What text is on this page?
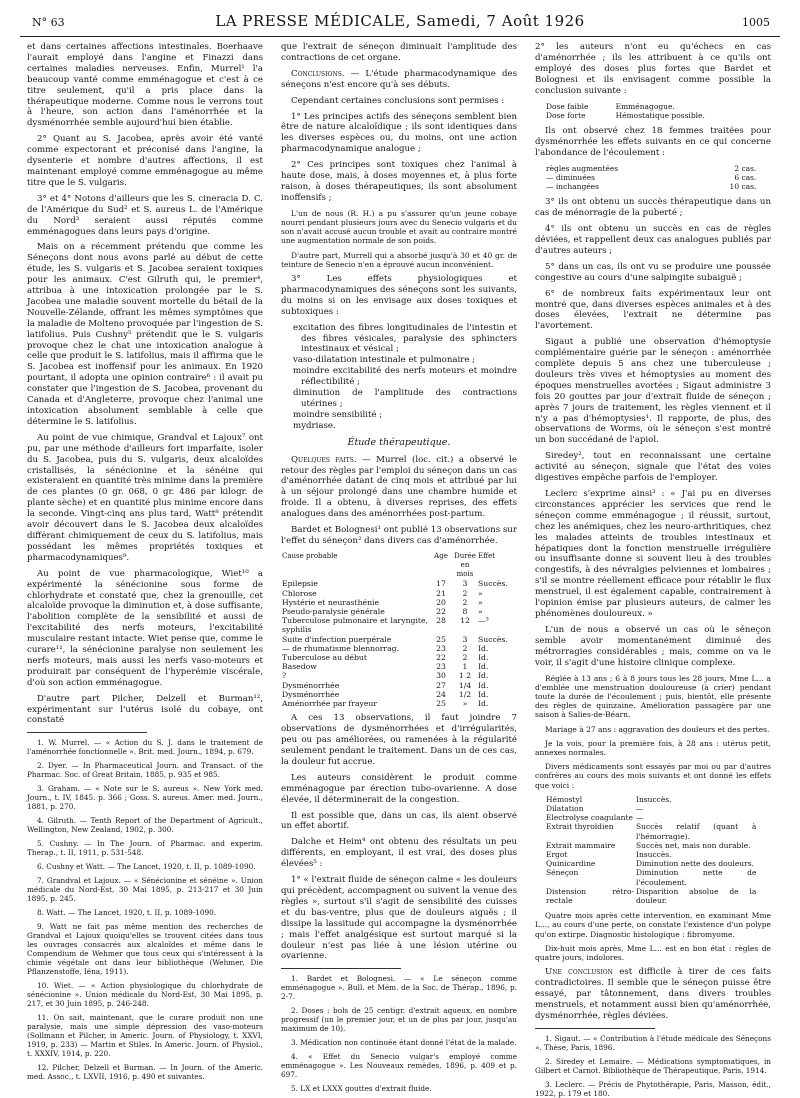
N° 63	LA PRESSE MÉDICALE, Samedi, 7 Août 1926	1005

et dans certaines affections intestinales. Boerhaave l'aurait employé dans l'angine et Finazzi dans certaines maladies nerveuses. Enfin, Murrel¹ l'a beaucoup vanté comme emménagogue et c'est à ce titre seulement, qu'il a pris place dans la thérapeutique moderne. Comme nous le verrons tout à l'heure, son action dans l'aménorrhée et la dysménorrhée semble aujourd'hui bien établie.

2° Quant au S. Jacobea, après avoir été vanté comme expectorant et préconisé dans l'angine, la dysenterie et nombre d'autres affections, il est maintenant employé comme emménagogue au même titre que le S. vulgaris.

3° et 4° Notons d'ailleurs que les S. cineracia D. C. de l'Amérique du Sud² et S. aureus L. de l'Amérique du Nord³ seraient aussi réputés comme emménagogues dans leurs pays d'origine.

Mais on a récemment prétendu que comme les Séneçons dont nous avons parlé au début de cette étude, les S. vulgaris et S. Jacobea seraient toxiques pour les animaux. C'est Gilruth qui, le premier⁴, attribua à une intoxication prolongée par le S. Jacobea une maladie souvent mortelle du bétail de la Nouvelle-Zélande, offrant les mêmes symptômes que la maladie de Molteno provoquée par l'ingestion de S. latifolius. Puis Cushny⁵ prétendit que le S. vulgaris provoque chez le chat une intoxication analogue à celle que produit le S. latifolius, mais il affirma que le S. Jacobea est inoffensif pour les animaux. En 1920 pourtant, il adopta une opinion contraire⁶ : il avait pu constater que l'ingestion de S. Jacobea, provenant du Canada et d'Angleterre, provoque chez l'animal une intoxication absolument semblable à celle que détermine le S. latifolius.

Au point de vue chimique, Grandval et Lajoux⁷ ont pu, par une méthode d'ailleurs fort imparfaite, isoler du S. Jacobea, puis du S. vulgaris, deux alcaloïdes cristallisés, la sénécionine et la sénéine qui existeraient en quantité très minime dans la première de ces plantes (0 gr. 068, 0 gr. 486 par kilogr. de plante sèche) et en quantité plus minime encore dans la seconde. Vingt-cinq ans plus tard, Watt⁸ prétendit avoir découvert dans le S. Jacobea deux alcaloïdes différant chimiquement de ceux du S. latifolius, mais possédant les mêmes propriétés toxiques et pharmacodynamiques⁹.

Au point de vue pharmacologique, Wiet¹⁰ a expérimenté la sénécionine sous forme de chlorhydrate et constaté que, chez la grenouille, cet alcaloïde provoque la diminution et, à dose suffisante, l'abolition complète de la sensibilité et aussi de l'excitabilité des nerfs moteurs, l'excitabilité musculaire restant intacte. Wiet pense que, comme le curare¹¹, la sénécionine paralyse non seulement les nerfs moteurs, mais aussi les nerfs vaso-moteurs et produirait par conséquent de l'hyperémie viscérale, d'où son action emménagogue.

D'autre part Pilcher, Delzell et Burman¹², expérimentant sur l'utérus isolé du cobaye, ont constaté

1. W. Murrel. — « Action du S. J. dans le traitement de l'aménorrhée fonctionnelle ». Brit. med. Journ., 1894, p. 679.

2. Dyer. — In Pharmaceutical Journ. and Transact. of the Pharmac. Soc. of Great Britain, 1885, p. 935 et 985.

3. Graham. — « Note sur le S. aureus ». New York med. Journ., t. IV, 1845. p. 366 ; Goss. S. aureus. Amer. med. Journ., 1881, p. 270.

4. Gilruth. — Tenth Report of the Department of Agricult., Wellington, New Zealand, 1902, p. 300.

5. Cushny. — In The Journ. of Pharmac. and experim. Therap., t. II, 1911, p. 531-548.

6. Cushny et Watt. — The Lancet, 1920, t. II, p. 1089-1090.

7. Grandval et Lajoux. — « Sénécionine et sénéine ». Union médicale du Nord-Est, 30 Mai 1895, p. 213-217 et 30 Juin 1895, p. 245.

8. Watt. — The Lancet, 1920, t. II, p. 1089-1090.

9. Watt ne fait pas même mention des recherches de Grandval et Lajoux quoiqu'elles se trouvent citées dans tous les ouvrages consacrés aux alcaloïdes et même dans le Compendium de Wehmer que tous ceux qui s'intéressent à la chimie végétale ont dans leur bibliothèque (Wehmer, Die Pflanzenstoffe, Iéna, 1911).

10. Wiet. — « Action physiologique du chlorhydrate de sénécionine ». Union médicale du Nord-Est, 30 Mai 1895, p. 217, et 30 Juin 1895, p. 246-248.

11. On sait, maintenant, que le curare produit non une paralysie, mais une simple dépression des vaso-moteurs (Sollmann et Pilcher, in Americ. Journ. of Physiology, t. XXVI, 1919, p. 233) — Martin et Stiles. In Americ. Journ. of Physiol., t. XXXIV, 1914, p. 220.

12. Pilcher, Delzell et Burman. — In Journ. of the Americ. med. Assoc., t. LXVII, 1916, p. 490 et suivantes.

que l'extrait de séneçon diminuait l'amplitude des contractions de cet organe.

Conclusions. — L'étude pharmacodynamique des séneçons n'est encore qu'à ses débuts.

Cependant certaines conclusions sont permises :

1° Les principes actifs des séneçons semblent bien être de nature alcaloïdique ; ils sont identiques dans les diverses espèces ou, du moins, ont une action pharmacodynamique analogue ;

2° Ces principes sont toxiques chez l'animal à haute dose, mais, à doses moyennes et, à plus forte raison, à doses thérapeutiques, ils sont absolument inoffensifs ;

L'un de nous (R. H.) a pu s'assurer qu'un jeune cobaye nourri pendant plusieurs jours avec du Senecio vulgaris et du son n'avait accusé aucun trouble et avait au contraire montré une augmentation normale de son poids.

D'autre part, Murrell qui a absorbé jusqu'à 30 et 40 gr. de teinture de Senecio n'en a éprouvé aucun inconvénient.

3° Les effets physiologiques et pharmacodynamiques des séneçons sont les suivants, du moins si on les envisage aux doses toxiques et subtoxiques :

excitation des fibres longitudinales de l'intestin et des fibres vésicales, paralysie des sphincters intestinaux et vésical ;
vaso-dilatation intestinale et pulmonaire ;
moindre excitabilité des nerfs moteurs et moindre réflectibilité ;
diminution de l'amplitude des contractions utérines ;
moindre sensibilité ;
mydriase.
Étude thérapeutique.

Quelques faits. — Murrel (loc. cit.) a observé le retour des règles par l'emploi du séneçon dans un cas d'aménorrhée datant de cinq mois et attribué par lui à un séjour prolongé dans une chambre humide et froide. Il a obtenu, à diverses reprises, des effets analogues dans des aménorrhées post-partum.

Bardet et Bolognesi¹ ont publié 13 observations sur l'effet du séneçon² dans divers cas d'aménorrhée.

Cause probable	Age	Durée en mois	Effet
Epilepsie	17	3	Succès.
Chlorose	21	2	»
Hystérie et neurasthénie	20	2	»
Pseudo-paralysie générale	22	8	»
Tuberculose pulmonaire et laryngite, syphilis	28	12	—³
Suite d'infection puerpérale	25	3	Succès.
— de rhumatisme blennorrag.	23	2	Id.
Tuberculose au début	22	2	Id.
Basedow	23	1	Id.
?	30	1 2	Id.
Dysménorrhée	27	1/4	Id.
Dysménorrhée	24	1/2	Id.
Aménorrhée par frayeur	25	»	Id.

A ces 13 observations, il faut joindre 7 observations de dysménorrhées et d'irrégularités, peu ou pas améliorées, ou ramenées à la régularité seulement pendant le traitement. Dans un de ces cas, la douleur fut accrue.

Les auteurs considèrent le produit comme emménagogue par érection tubo-ovarienne. A dose élevée, il déterminerait de la congestion.

Il est possible que, dans un cas, ils aient observé un effet abortif.

Dalche et Heim⁴ ont obtenu des résultats un peu différents, en employant, il est vrai, des doses plus élevées⁵ :

1° « l'extrait fluide de séneçon calme « les douleurs qui précèdent, accompagnent ou suivent la venue des règles », surtout s'il s'agit de sensibilité des cuisses et du bas-ventre, plus que de douleurs aiguës ; il dissipe la lassitude qui accompagne la dysménorrhée ; mais l'effet analgésique est surtout marqué si la douleur n'est pas liée à une lésion utérine ou ovarienne.

1. Bardet et Bolognesi. — « Le séneçon comme emménagogue ». Bull. et Mém. de la Soc. de Thérap., 1896, p. 2-7.

2. Doses : bols de 25 centigr. d'extrait aqueux, en nombre progressif (un le premier jour, et un de plus par jour, jusqu'au maximum de 10).

3. Médication non continuée étant donné l'état de la malade.

4. « Effet du Senecio vulgar's employé comme emménagogue ». Les Nouveaux remèdes, 1896, p. 409 et p. 697.

5. LX et LXXX gouttes d'extrait fluide.

2° les auteurs n'ont eu qu'échecs en cas d'aménorrhée ; ils les attribuent à ce qu'ils ont employé des doses plus fortes que Bardet et Bolognesi et ils envisagent comme possible la conclusion suivante :

Dose faible	Emménagogue.
Dose forte	Hémostatique possible.

Ils ont observé chez 18 femmes traitées pour dysménorrhée les effets suivants en ce qui concerne l'abondance de l'écoulement :

règles augmentées	2 cas.
— diminuées	6 cas.
— inchangées	10 cas.

3° ils ont obtenu un succès thérapeutique dans un cas de ménorragie de la puberté ;

4° ils ont obtenu un succès en cas de règles déviées, et rappellent deux cas analogues publiés par d'autres auteurs ;

5° dans un cas, ils ont vu se produire une poussée congestive au cours d'une salpingite subaiguë ;

6° de nombreux faits expérimentaux leur ont montré que, dans diverses espèces animales et à des doses élevées, l'extrait ne détermine pas l'avortement.

Sigaut a publié une observation d'hémoptysie complémentaire guérie par le séneçon : aménorrhée complète depuis 5 ans chez une tuberculeuse ; douleurs très vives et hémoptysies au moment des époques menstruelles avortées ; Sigaut administre 3 fois 20 gouttes par jour d'extrait fluide de séneçon ; après 7 jours de traitement, les règles viennent et il n'y a pas d'hémoptysies¹. Il rapporte, de plus, des observations de Worms, où le séneçon s'est montré un bon succédané de l'apiol.

Siredey², tout en reconnaissant une certaine activité au séneçon, signale que l'état des voies digestives empêche parfois de l'employer.

Leclerc s'exprime ainsi³ : « J'ai pu en diverses circonstances apprécier les services que rend le séneçon comme emménagogue ; il réussit, surtout, chez les anémiques, chez les neuro-arthritiques, chez les malades atteints de troubles intestinaux et hépatiques dont la fonction menstruelle irrégulière ou insuffisante donne si souvent lieu à des troubles congestifs, à des névralgies pelviennes et lombaires ; s'il se montre réellement efficace pour rétablir le flux menstruel, il est également capable, contrairement à l'opinion émise par plusieurs auteurs, de calmer les phénomènes douloureux. »

L'un de nous a observé un cas où le séneçon semble avoir momentanément diminué des métrorragies considérables ; mais, comme on va le voir, il s'agit d'une histoire clinique complexe.

Réglée à 13 ans ; 6 à 8 jours tous les 28 jours, Mme L... a d'emblée une menstruation douloureuse (à crier) pendant toute la durée de l'écoulement ; puis, bientôt, elle présente des règles de quinzaine. Amélioration passagère par une saison à Salies-de-Béarn.

Mariage à 27 ans : aggravation des douleurs et des pertes.

Je la vois, pour la première fois, à 28 ans : utérus petit, annexes normales.

Divers médicaments sont essayés par moi ou par d'autres confrères au cours des mois suivants et ont donné les effets que voici :

Hémostyl	Insuccès.
Dilatation	—
Electrolyse coagulante	—
Extrait thyroïdien	Succès relatif (quant à l'hémorragie).
Extrait mammaire	Succès net, mais non durable.
Ergot	Insuccès.
Quinicardine	Diminution nette des douleurs.
Séneçon	Diminution nette de l'écoulement.
Distension rétro-rectale	Disparition absolue de la douleur.

Quatre mois après cette intervention, en examinant Mme L..., au cours d'une perte, on constate l'existence d'un polype qu'on extirpe. Diagnostic histologique : fibromyome.

Dix-huit mois après, Mme L... est en bon état : règles de quatre jours, indolores.

Une conclusion est difficile à tirer de ces faits contradictoires. Il semble que le séneçon puisse être essayé, par tâtonnement, dans divers troubles menstruels, et notamment aussi bien qu'aménorrhée, dysménorrhée, règles déviées.

1. Sigaut. — « Contribution à l'étude médicale des Séneçons ». Thèse, Paris, 1896.

2. Siredey et Lemaire. — Médications symptomatiques, in Gilbert et Carnot. Bibliothèque de Thérapeutique, Paris, 1914.

3. Leclerc. — Précis de Phytothérapie, Paris, Masson, édit., 1922, p. 179 et 180.
